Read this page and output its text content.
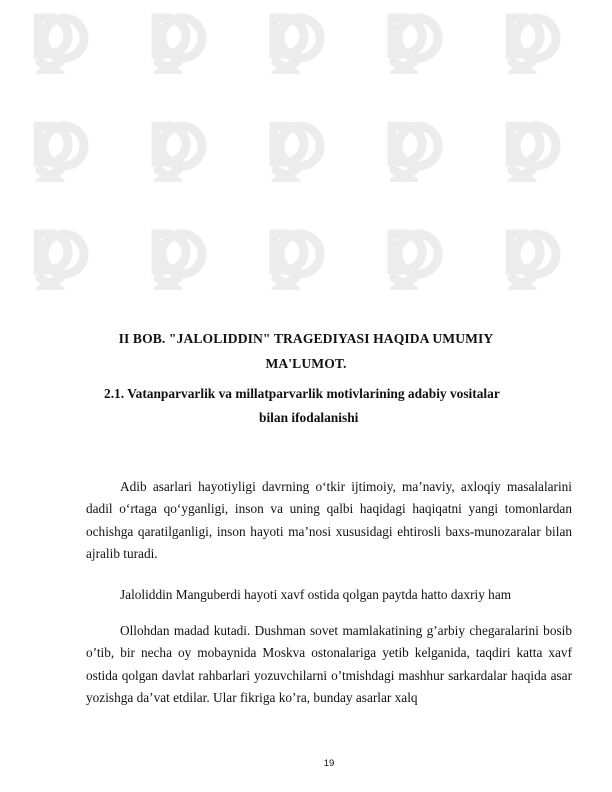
II BOB. "JALOLIDDIN" TRAGEDIYASI HAQIDA UMUMIY
MA'LUMOT.
2.1. Vatanparvarlik va millatparvarlik motivlarining adabiy vositalar
bilan ifodalanishi

Adib asarlari hayotiyligi davrning o‘tkir ijtimoiy, ma’naviy, axloqiy masalalarini dadil o‘rtaga qo‘yganligi, inson va uning qalbi haqidagi haqiqatni yangi tomonlardan ochishga qaratilganligi, inson hayoti ma’nosi xususidagi ehtirosli baxs-munozaralar bilan ajralib turadi.

Jaloliddin Manguberdi hayoti xavf ostida qolgan paytda hatto daxriy ham

Ollohdan madad kutadi. Dushman sovet mamlakatining g’arbiy chegaralarini bosib o’tib, bir necha oy mobaynida Moskva ostonalariga yetib kelganida, taqdiri katta xavf ostida qolgan davlat rahbarlari yozuvchilarni o’tmishdagi mashhur sarkardalar haqida asar yozishga da’vat etdilar. Ular fikriga ko’ra, bunday asarlar xalq

19
